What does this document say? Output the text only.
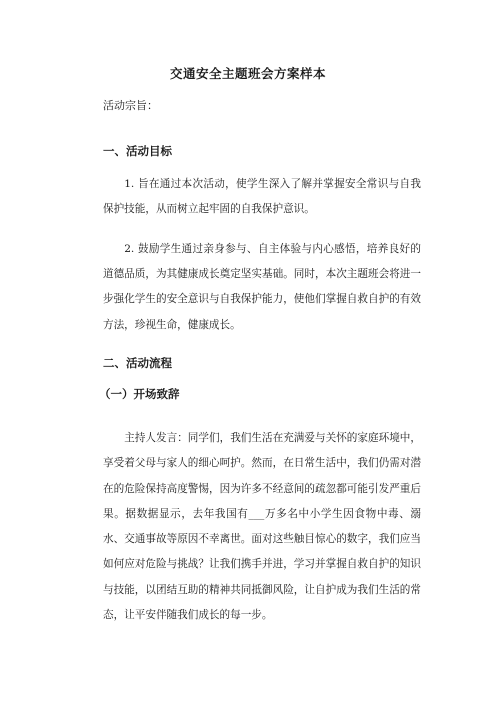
交通安全主题班会方案样本
活动宗旨：
一、活动目标

1. 旨在通过本次活动，使学生深入了解并掌握安全常识与自我保护技能，从而树立起牢固的自我保护意识。

2. 鼓励学生通过亲身参与、自主体验与内心感悟，培养良好的道德品质，为其健康成长奠定坚实基础。同时，本次主题班会将进一步强化学生的安全意识与自我保护能力，使他们掌握自救自护的有效方法，珍视生命，健康成长。

二、活动流程
（一）开场致辞

主持人发言：同学们，我们生活在充满爱与关怀的家庭环境中，享受着父母与家人的细心呵护。然而，在日常生活中，我们仍需对潜在的危险保持高度警惕，因为许多不经意间的疏忽都可能引发严重后果。据数据显示，去年我国有___万多名中小学生因食物中毒、溺水、交通事故等原因不幸离世。面对这些触目惊心的数字，我们应当如何应对危险与挑战？让我们携手并进，学习并掌握自救自护的知识与技能，以团结互助的精神共同抵御风险，让自护成为我们生活的常态，让平安伴随我们成长的每一步。
